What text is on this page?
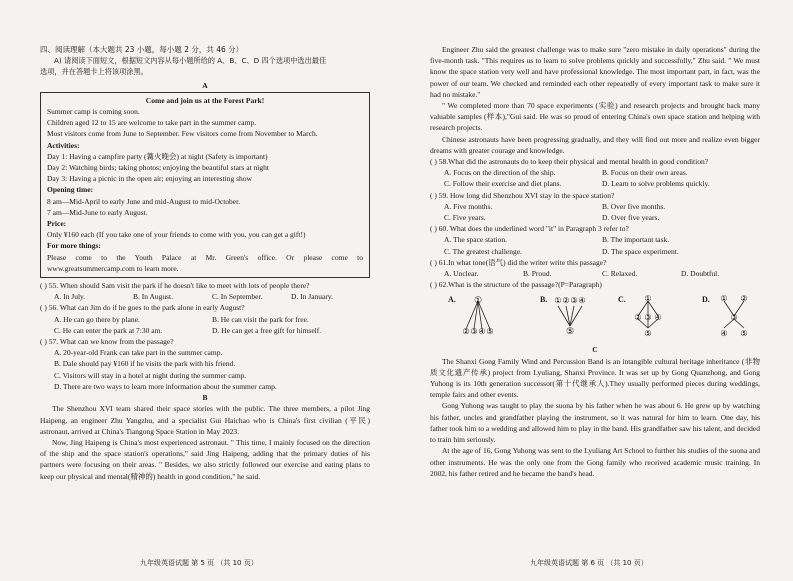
四、阅读理解（本大题共 23 小题，每小题 2 分，共 46 分）

A) 请阅读下面短文，根据短文内容从每小题所给的 A、B、C、D 四个选项中选出最佳

选项，并在答题卡上将该项涂黑。

A

Come and join us at the Forest Park!

Summer camp is coming soon.

Children aged 12 to 15 are welcome to take part in the summer camp.

Most visitors come from June to September. Few visitors come from November to March.

Activities:

Day 1: Having a campfire party (篝火晚会) at night (Safety is important)

Day 2: Watching birds; taking photos; enjoying the beautiful stars at night

Day 3: Having a picnic in the open air; enjoying an interesting show

Opening time:

8 am—Mid-April to early June and mid-August to mid-October.

7 am—Mid-June to early August.

Price:

Only ¥160 each (If you take one of your friends to come with you, you can get a gift!)

For more things:

Please come to the Youth Palace at Mr. Green's office. Or please come to

www.greatsummercamp.com to learn more.

( ) 55. When should Sam visit the park if he doesn't like to meet with lots of people there?

A. In July.	B. In August.	C. In September.	D. In January.

( ) 56. What can Jim do if he goes to the park alone in early August?

A. He can go there by plane.	B. He can visit the park for free.
C. He can enter the park at 7:30 am.	D. He can get a free gift for himself.

( ) 57. What can we know from the passage?

A. 20-year-old Frank can take part in the summer camp.
B. Dale should pay ¥160 if he visits the park with his friend.
C. Visitors will stay in a hotel at night during the summer camp.
D. There are two ways to learn more information about the summer camp.

B

The Shenzhou XVI team shared their space stories with the public. The three members, a pilot Jing Haipeng, an engineer Zhu Yangzhu, and a specialist Gui Haichao who is China's first civilian (平民) astronaut, arrived at China's Tiangong Space Station in May 2023.

Now, Jing Haipeng is China's most experienced astronaut. " This time, I mainly focused on the direction of the ship and the space station's operations," said Jing Haipeng, adding that the primary duties of his partners were focusing on their areas. " Besides, we also strictly followed our exercise and eating plans to keep our physical and mental(精神的) health in good condition," he said.

九年级英语试题 第 5 页 （共 10 页）

Engineer Zhu said the greatest challenge was to make sure "zero mistake in daily operations" during the five-month task. "This requires us to learn to solve problems quickly and successfully," Zhu said. " We must know the space station very well and have professional knowledge. The most important part, in fact, was the power of our team. We checked and reminded each other repeatedly of every important task to make sure it had no mistake."

" We completed more than 70 space experiments (实验) and research projects and brought back many valuable samples (样本),"Gui said. He was so proud of entering China's own space station and helping with research projects.

Chinese astronauts have been progressing gradually, and they will find out more and realize even bigger dreams with greater courage and knowledge.

( ) 58.What did the astronauts do to keep their physical and mental health in good condition?

A. Focus on the direction of the ship.	B. Focus on their own areas.
C. Follow their exercise and diet plans.	D. Learn to solve problems quickly.

( ) 59. How long did Shenzhou XVI stay in the space station?

A. Five months.	B. Over five months.
C. Five years.	D. Over five years.

( ) 60. What does the underlined word "it" in Paragraph 3 refer to?

A. The space station.	B. The important task.
C. The greatest challenge.	D. The space experiment.

( ) 61.In what tone(语气) did the writer write this passage?

A. Unclear.	B. Proud.	C. Relaxed.	D. Doubtful.

( ) 62.What is the structure of the passage?(P=Paragraph)

A. ①
② ③ ④ ⑤
B. ① ② ③ ④
⑤
C. ①
② ③ ④
⑤
D. ① ②
③
④ ⑤

C

The Shanxi Gong Family Wind and Percussion Band is an intangible cultural heritage inheritance (非物质文化遗产传承) project from Lyuliang, Shanxi Province. It was set up by Gong Quanzhong, and Gong Yuhong is its 10th generation successor(第十代继承人).They usually performed pieces during weddings, temple fairs and other events.

Gong Yuhong was taught to play the suona by his father when he was about 6. He grew up by watching his father, uncles and grandfather playing the instrument, so it was natural for him to learn. One day, his father took him to a wedding and allowed him to play in the band. His grandfather saw his talent, and decided to train him seriously.

At the age of 16, Gong Yuhong was sent to the Lyuliang Art School to further his studies of the suona and other instruments. He was the only one from the Gong family who received academic music training. In 2002, his father retired and he became the band's head.

九年级英语试题 第 6 页 （共 10 页）
